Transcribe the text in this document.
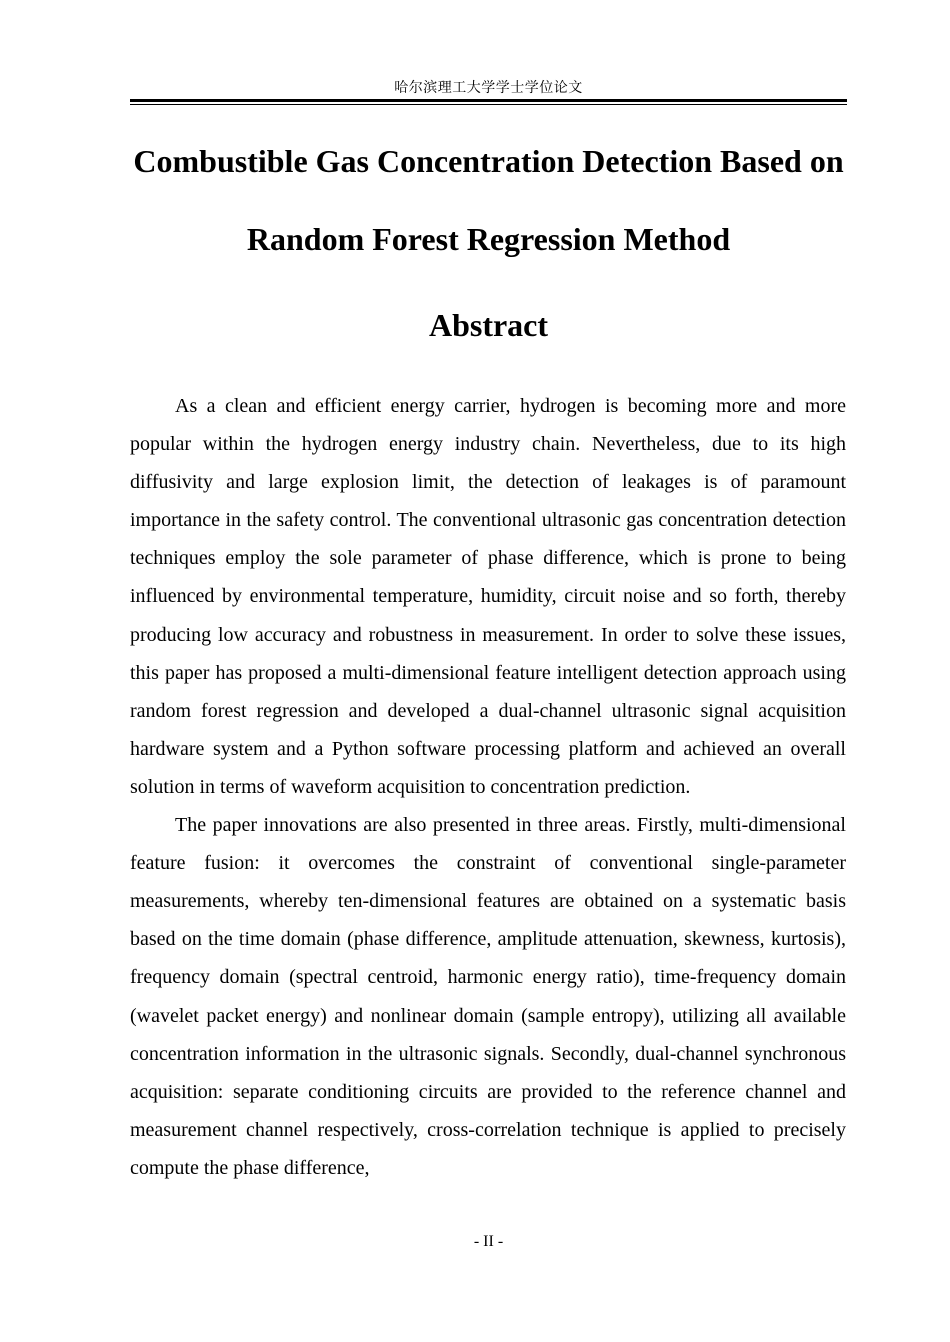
哈尔滨理工大学学士学位论文
Combustible Gas Concentration Detection Based on Random Forest Regression Method
Abstract

As a clean and efficient energy carrier, hydrogen is becoming more and more popular within the hydrogen energy industry chain. Nevertheless, due to its high diffusivity and large explosion limit, the detection of leakages is of paramount importance in the safety control. The conventional ultrasonic gas concentration detection techniques employ the sole parameter of phase difference, which is prone to being influenced by environmental temperature, humidity, circuit noise and so forth, thereby producing low accuracy and robustness in measurement. In order to solve these issues, this paper has proposed a multi-dimensional feature intelligent detection approach using random forest regression and developed a dual-channel ultrasonic signal acquisition hardware system and a Python software processing platform and achieved an overall solution in terms of waveform acquisition to concentration prediction.

The paper innovations are also presented in three areas. Firstly, multi-dimensional feature fusion: it overcomes the constraint of conventional single-parameter measurements, whereby ten-dimensional features are obtained on a systematic basis based on the time domain (phase difference, amplitude attenuation, skewness, kurtosis), frequency domain (spectral centroid, harmonic energy ratio), time-frequency domain (wavelet packet energy) and nonlinear domain (sample entropy), utilizing all available concentration information in the ultrasonic signals. Secondly, dual-channel synchronous acquisition: separate conditioning circuits are provided to the reference channel and measurement channel respectively, cross-correlation technique is applied to precisely compute the phase difference,

- II -
